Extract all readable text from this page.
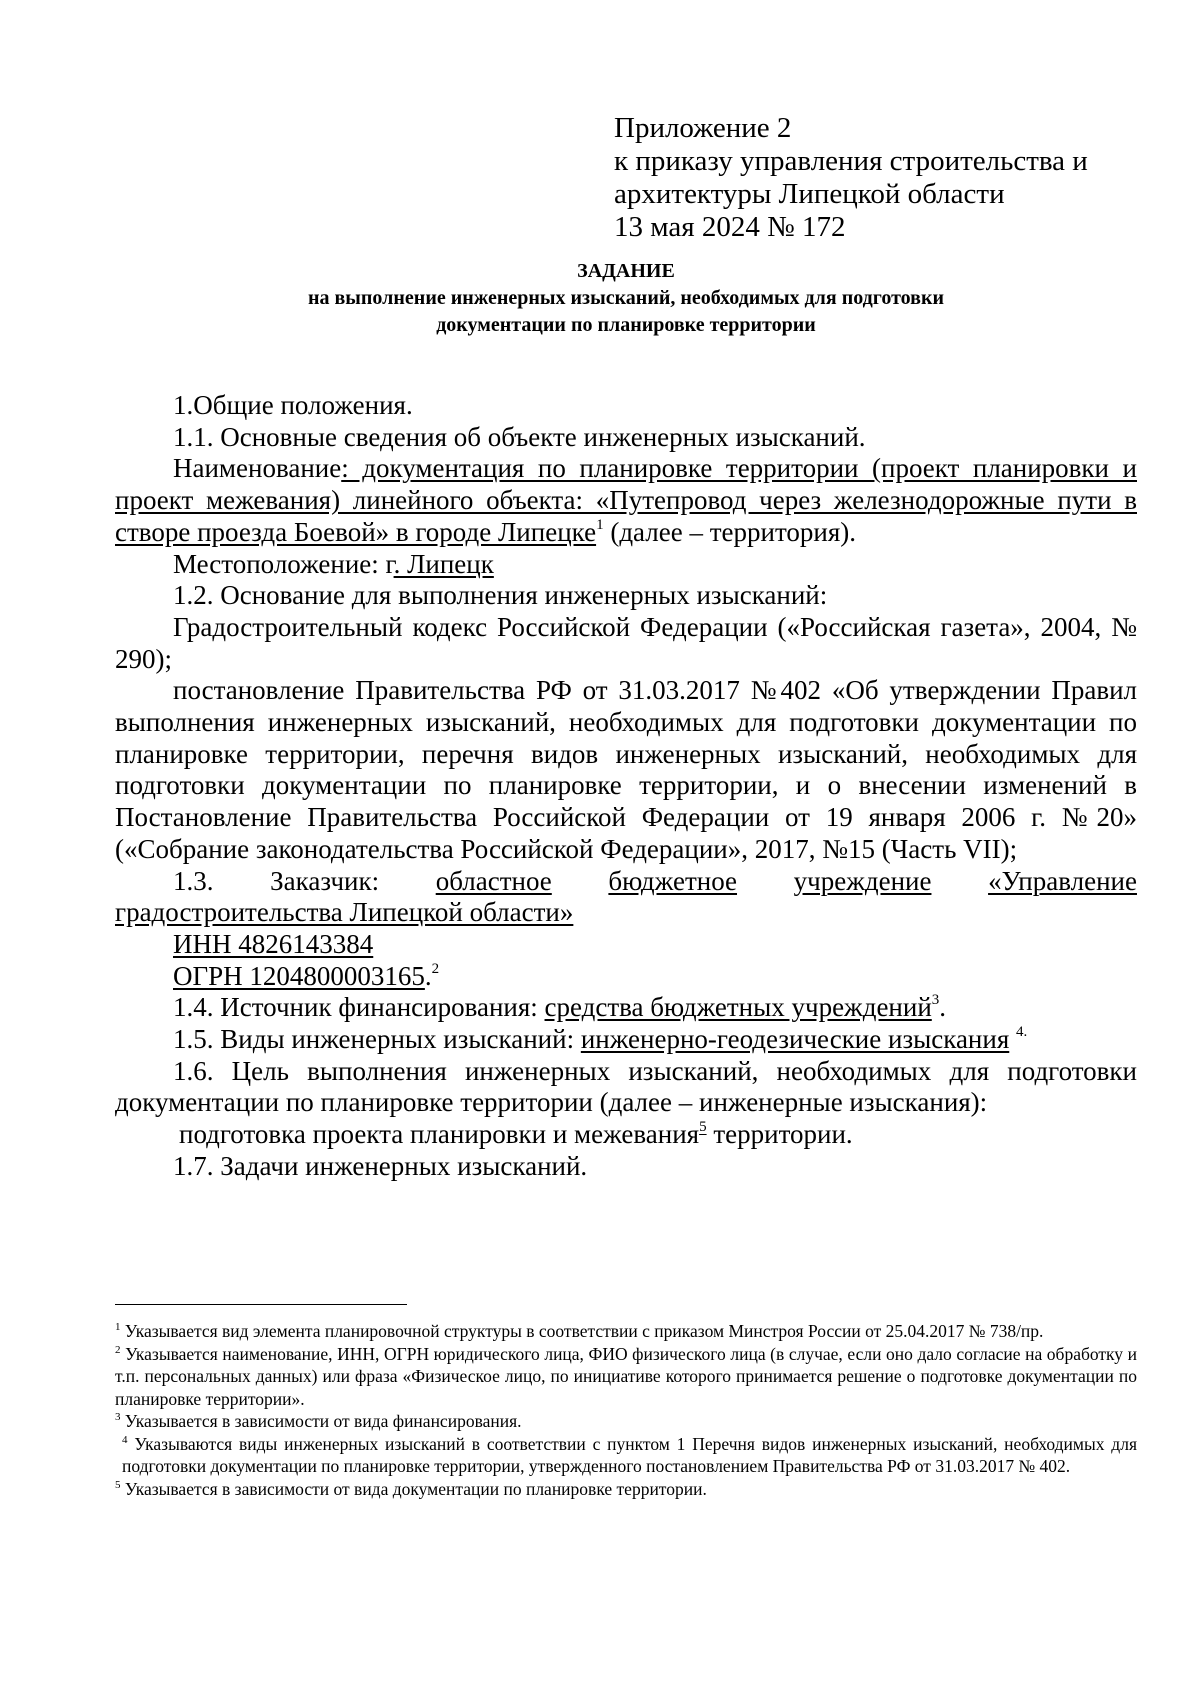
Приложение 2
к приказу управления строительства и
архитектуры Липецкой области
13 мая 2024 № 172
ЗАДАНИЕ
на выполнение инженерных изысканий, необходимых для подготовки
документации по планировке территории

1.Общие положения.

1.1. Основные сведения об объекте инженерных изысканий.

Наименование: документация по планировке территории (проект планировки и проект межевания) линейного объекта: «Путепровод через железнодорожные пути в створе проезда Боевой» в городе Липецке$^1$ (далее – территория).

Местоположение: г. Липецк

1.2. Основание для выполнения инженерных изысканий:

Градостроительный кодекс Российской Федерации («Российская газета», 2004, № 290);

постановление Правительства РФ от 31.03.2017 №402 «Об утверждении Правил выполнения инженерных изысканий, необходимых для подготовки документации по планировке территории, перечня видов инженерных изысканий, необходимых для подготовки документации по планировке территории, и о внесении изменений в Постановление Правительства Российской Федерации от 19 января 2006 г. №20» («Собрание законодательства Российской Федерации», 2017, №15 (Часть VII);

1.3. Заказчик: областное бюджетное учреждение «Управление

градостроительства Липецкой области»

ИНН 4826143384

ОГРН 1204800003165.$^2$

1.4. Источник финансирования: средства бюджетных учреждений$^3$.

1.5. Виды инженерных изысканий: инженерно-геодезические изыскания $^{4.}$

1.6. Цель выполнения инженерных изысканий, необходимых для подготовки документации по планировке территории (далее – инженерные изыскания):

подготовка проекта планировки и межевания$^5$ территории.

1.7. Задачи инженерных изысканий.

$^1$ Указывается вид элемента планировочной структуры в соответствии с приказом Минстроя России от 25.04.2017 № 738/пр.

$^2$ Указывается наименование, ИНН, ОГРН юридического лица, ФИО физического лица (в случае, если оно дало согласие на обработку и т.п. персональных данных) или фраза «Физическое лицо, по инициативе которого принимается решение о подготовке документации по планировке территории».

$^3$ Указывается в зависимости от вида финансирования.

$^4$ Указываются виды инженерных изысканий в соответствии с пунктом 1 Перечня видов инженерных изысканий, необходимых для подготовки документации по планировке территории, утвержденного постановлением Правительства РФ от 31.03.2017 № 402.

$^5$ Указывается в зависимости от вида документации по планировке территории.
